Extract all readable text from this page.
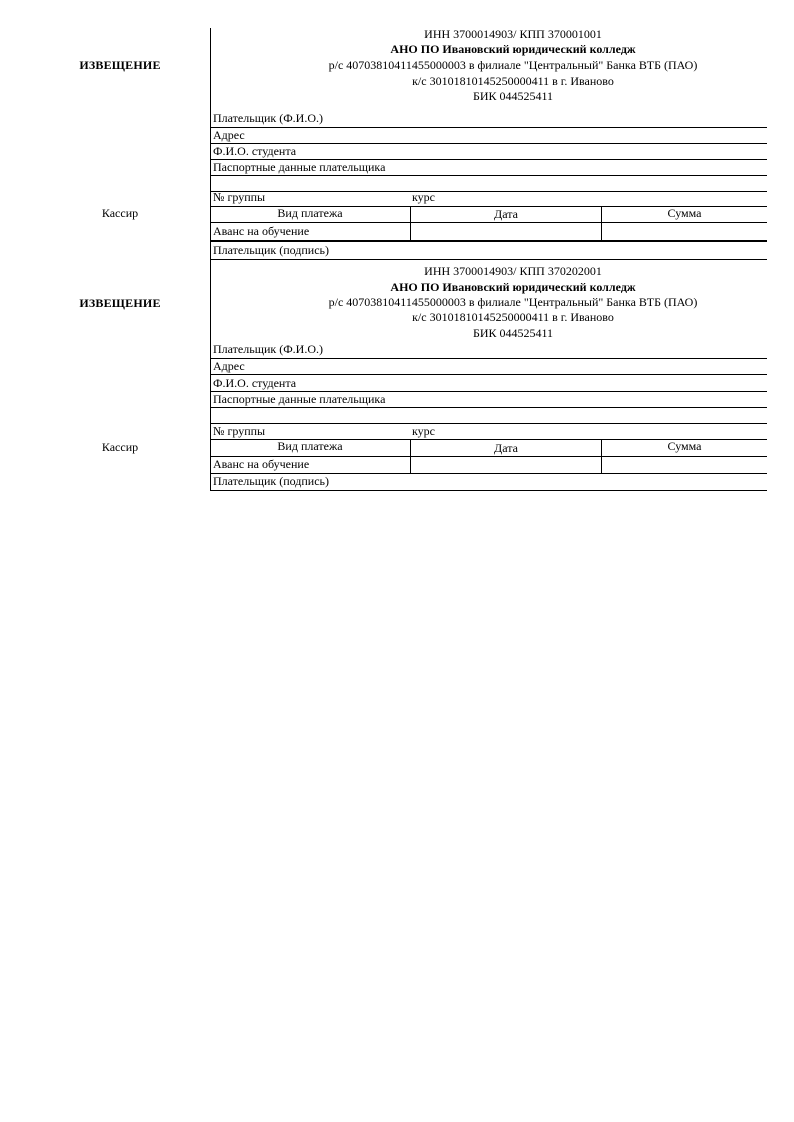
ИЗВЕЩЕНИЕ
Кассир
ИНН 3700014903/ КПП 370001001
АНО ПО Ивановский юридический колледж
р/с 40703810411455000003 в филиале "Центральный" Банка ВТБ (ПАО)
к/с 30101810145250000411 в г. Иваново
БИК 044525411
Плательщик (Ф.И.О.)
Адрес
Ф.И.О. студента
Паспортные данные плательщика
№ группы	курс
Вид платежа	Дата	Сумма
Аванс на обучение
Плательщик (подпись)
ИЗВЕЩЕНИЕ
Кассир
ИНН 3700014903/ КПП 370202001
АНО ПО Ивановский юридический колледж
р/с 40703810411455000003 в филиале "Центральный" Банка ВТБ (ПАО)
к/с 30101810145250000411 в г. Иваново
БИК 044525411
Плательщик (Ф.И.О.)
Адрес
Ф.И.О. студента
Паспортные данные плательщика
№ группы	курс
Вид платежа	Дата	Сумма
Аванс на обучение
Плательщик (подпись)
